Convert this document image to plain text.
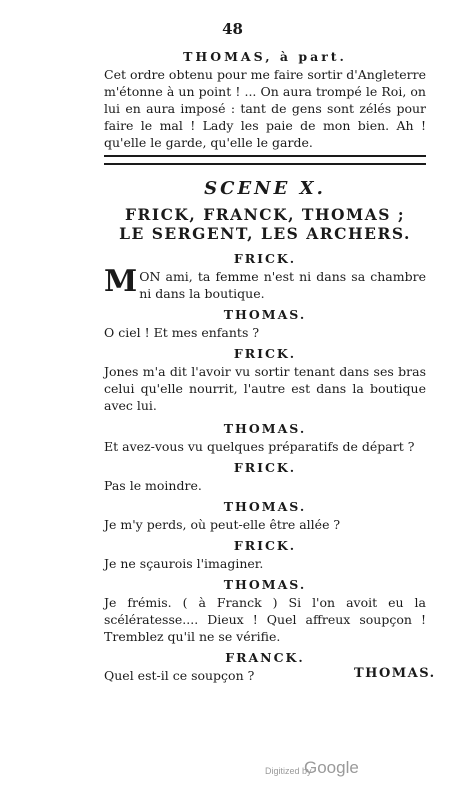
48

THOMAS, à part.

Cet ordre obtenu pour me faire sortir d'Angleterre m'étonne à un point ! ... On aura trompé le Roi, on lui en aura imposé : tant de gens sont zélés pour faire le mal ! Lady les paie de mon bien. Ah ! qu'elle le garde, qu'elle le garde.

SCENE X.
FRICK, FRANCK, THOMAS ;
LE SERGENT, LES ARCHERS.

FRICK.

MON ami, ta femme n'est ni dans sa chambre ni dans la boutique.

THOMAS.

O ciel ! Et mes enfants ?

FRICK.

Jones m'a dit l'avoir vu sortir tenant dans ses bras celui qu'elle nourrit, l'autre est dans la boutique avec lui.

THOMAS.

Et avez-vous vu quelques préparatifs de départ ?

FRICK.

Pas le moindre.

THOMAS.

Je m'y perds, où peut-elle être allée ?

FRICK.

Je ne sçaurois l'imaginer.

THOMAS.

Je frémis. ( à Franck ) Si l'on avoit eu la scélératesse.... Dieux ! Quel affreux soupçon ! Tremblez qu'il ne se vérifie.

FRANCK.

Quel est-il ce soupçon ?	THOMAS.
Digitized by
Google
